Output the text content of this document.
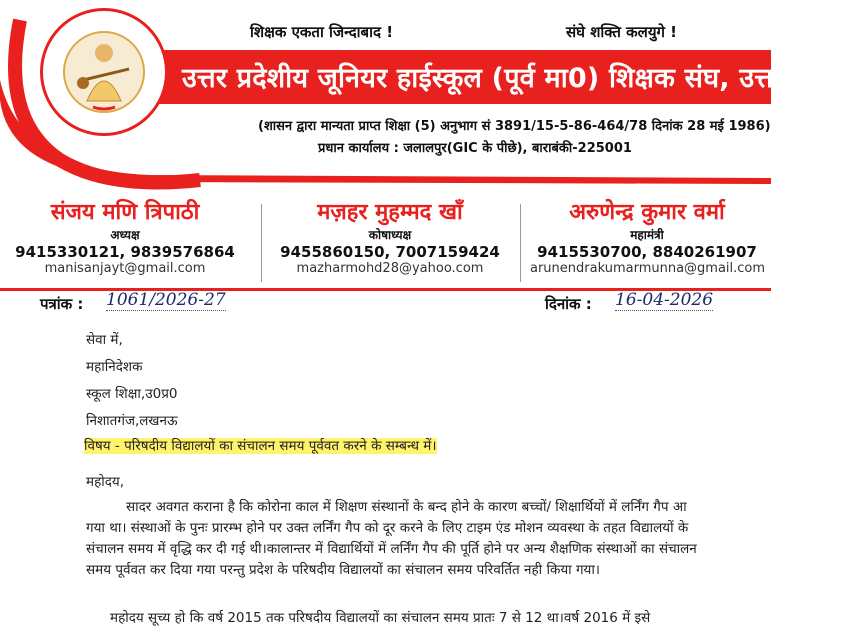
शिक्षक एकता जिन्दाबाद !	संघे शक्ति कलयुगे !
उत्तर प्रदेशीय जूनियर हाईस्कूल (पूर्व मा0) शिक्षक संघ, उत्तर प्रदेश
(शासन द्वारा मान्यता प्राप्त शिक्षा (5) अनुभाग सं 3891/15-5-86-464/78 दिनांक 28 मई 1986)
प्रधान कार्यालय : जलालपुर(GIC के पीछे), बाराबंकी-225001
संजय मणि त्रिपाठी
अध्यक्ष
9415330121, 9839576864
manisanjayt@gmail.com
मज़हर मुहम्मद खाँ
कोषाध्यक्ष
9455860150, 7007159424
mazharmohd28@yahoo.com
अरुणेन्द्र कुमार वर्मा
महामंत्री
9415530700, 8840261907
arunendrakumarmunna@gmail.com
पत्रांक : 1061/2026-27	दिनांक : 16-04-2026
सेवा में,
महानिदेशक
स्कूल शिक्षा,उ0प्र0
निशातगंज,लखनऊ
विषय - परिषदीय विद्यालयों का संचालन समय पूर्ववत करने के सम्बन्ध में।
महोदय,
सादर अवगत कराना है कि कोरोना काल में शिक्षण संस्थानों के बन्द होने के कारण बच्चों/ शिक्षार्थियों में लर्निंग गैप आ गया था। संस्थाओं के पुनः प्रारम्भ होने पर उक्त लर्निंग गैप को दूर करने के लिए टाइम एंड मोशन व्यवस्था के तहत विद्यालयों के संचालन समय में वृद्धि कर दी गई थी।कालान्तर में विद्यार्थियों में लर्निंग गैप की पूर्ति होने पर अन्य शैक्षणिक संस्थाओं का संचालन समय पूर्ववत कर दिया गया परन्तु प्रदेश के परिषदीय विद्यालयों का संचालन समय परिवर्तित नही किया गया।
महोदय सूच्य हो कि वर्ष 2015 तक परिषदीय विद्यालयों का संचालन समय प्रातः 7 से 12 था।वर्ष 2016 में इसे
